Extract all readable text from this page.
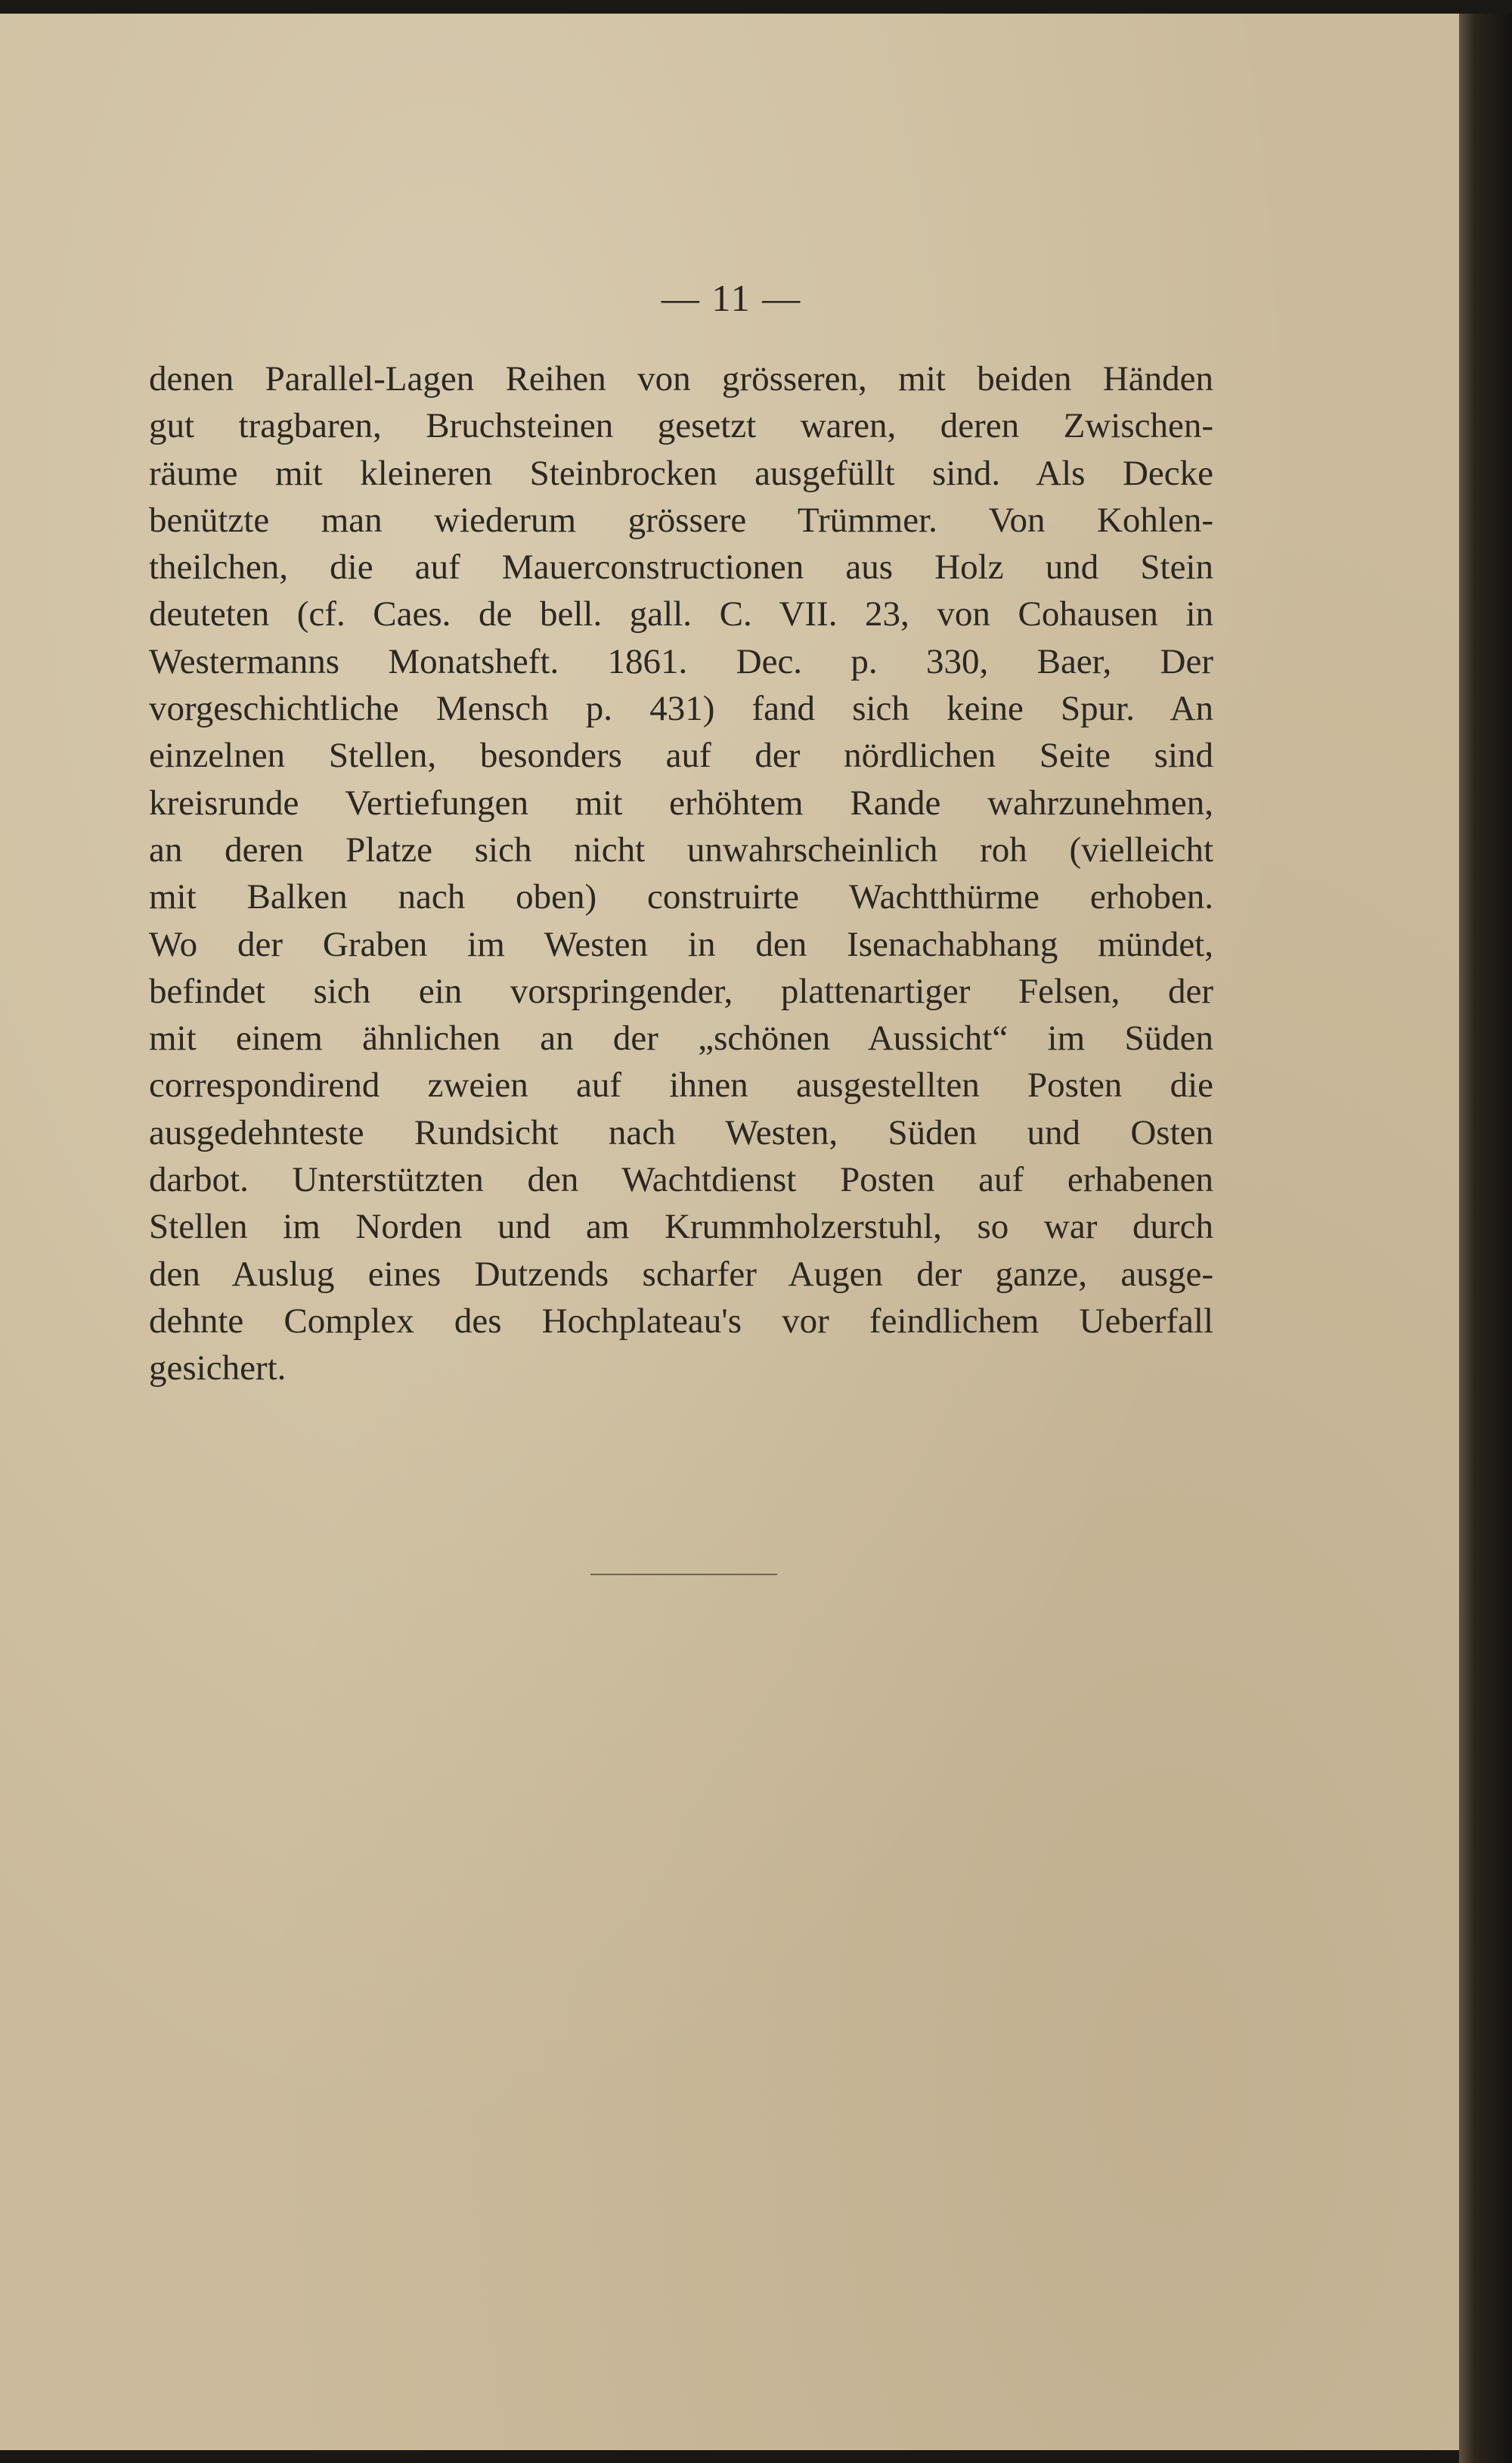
— 11 —
denen Parallel-Lagen Reihen von grösseren, mit beiden Händen
gut tragbaren, Bruchsteinen gesetzt waren, deren Zwischen-
räume mit kleineren Steinbrocken ausgefüllt sind. Als Decke
benützte man wiederum grössere Trümmer. Von Kohlen-
theilchen, die auf Mauerconstructionen aus Holz und Stein
deuteten (cf. Caes. de bell. gall. C. VII. 23, von Cohausen in
Westermanns Monatsheft. 1861. Dec. p. 330, Baer, Der
vorgeschichtliche Mensch p. 431) fand sich keine Spur. An
einzelnen Stellen, besonders auf der nördlichen Seite sind
kreisrunde Vertiefungen mit erhöhtem Rande wahrzunehmen,
an deren Platze sich nicht unwahrscheinlich roh (vielleicht
mit Balken nach oben) construirte Wachtthürme erhoben.
Wo der Graben im Westen in den Isenachabhang mündet,
befindet sich ein vorspringender, plattenartiger Felsen, der
mit einem ähnlichen an der „schönen Aussicht“ im Süden
correspondirend zweien auf ihnen ausgestellten Posten die
ausgedehnteste Rundsicht nach Westen, Süden und Osten
darbot. Unterstützten den Wachtdienst Posten auf erhabenen
Stellen im Norden und am Krummholzerstuhl, so war durch
den Auslug eines Dutzends scharfer Augen der ganze, ausge-
dehnte Complex des Hochplateau's vor feindlichem Ueberfall
gesichert.
